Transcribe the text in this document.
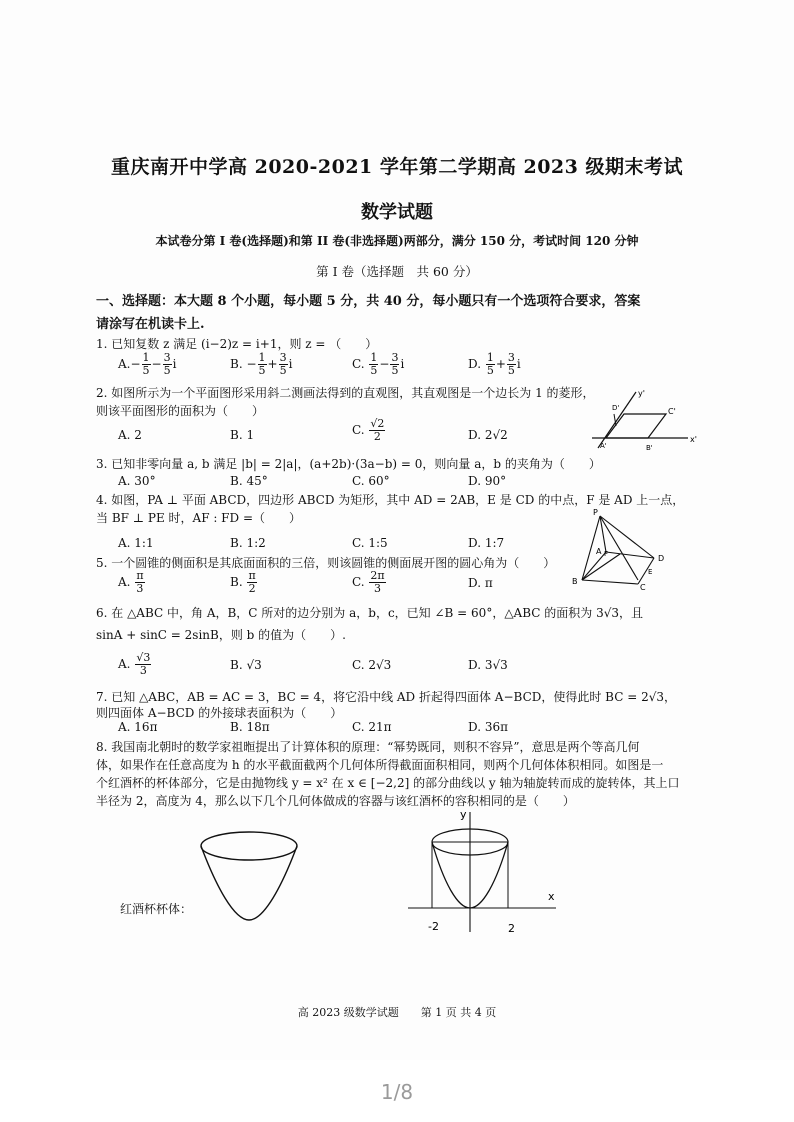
重庆南开中学高 2020-2021 学年第二学期高 2023 级期末考试
数学试题
本试卷分第 I 卷(选择题)和第 II 卷(非选择题)两部分，满分 150 分，考试时间 120 分钟
第 I 卷（选择题　共 60 分）
一、选择题：本大题 8 个小题，每小题 5 分，共 40 分，每小题只有一个选项符合要求，答案
请涂写在机读卡上.
1. 已知复数 z 满足 (i−2)z = i+1，则 z = （　　）
$A.- \frac{1}{5} - \frac{3}{5}$ i	B. − $\frac{1}{5} + \frac{3}{5}$ i	C. $\frac{1}{5} - \frac{3}{5}$ i	D. $\frac{1}{5} + \frac{3}{5}$ i
2. 如图所示为一个平面图形采用斜二测画法得到的直观图，其直观图是一个边长为 1 的菱形，
则该平面图形的面积为（　　）
A. 2	B. 1	C. $\frac{√2}{2}$	D. 2√2
y'
x'
C'
D'
A'	B'
3. 已知非零向量 a, b 满足 |b| = 2|a|，(a+2b)·(3a−b) = 0，则向量 a，b 的夹角为（　　）
A. 30°	B. 45°	C. 60°	D. 90°
4. 如图，PA ⊥ 平面 ABCD，四边形 ABCD 为矩形，其中 AD = 2AB，E 是 CD 的中点，F 是 AD 上一点，
当 BF ⊥ PE 时，AF : FD =（　　）
A. 1:1	B. 1:2	C. 1:5	D. 1:7
P
A F	D
B
C
E
5. 一个圆锥的侧面积是其底面面积的三倍，则该圆锥的侧面展开图的圆心角为（　　）
A. $\frac{\pi}{3}$	B. $\frac{\pi}{2}$	C. $\frac{2\pi}{3}$	D. π
6. 在 △ABC 中，角 A，B，C 所对的边分别为 a，b，c，已知 ∠B = 60°，△ABC 的面积为 3√3，且
sinA + sinC = 2sinB，则 b 的值为（　　）.
A. $\frac{√3}{3}$	B. √3	C. 2√3	D. 3√3
7. 已知 △ABC，AB = AC = 3，BC = 4，将它沿中线 AD 折起得四面体 A−BCD，使得此时 BC = 2√3，
则四面体 A−BCD 的外接球表面积为（　　）
A. 16π	B. 18π	C. 21π	D. 36π
8. 我国南北朝时的数学家祖暅提出了计算体积的原理：“幂势既同，则积不容异”，意思是两个等高几何
体，如果作在任意高度为 h 的水平截面截两个几何体所得截面面积相同，则两个几何体体积相同。如图是一
个红酒杯的杯体部分，它是由抛物线 y = x² 在 x ∈ [−2,2] 的部分曲线以 y 轴为轴旋转而成的旋转体，其上口
半径为 2，高度为 4，那么以下几个几何体做成的容器与该红酒杯的容积相同的是（　　）
红酒杯杯体：
y
x
-2	2
高 2023 级数学试题　　第 1 页 共 4 页
1/8
